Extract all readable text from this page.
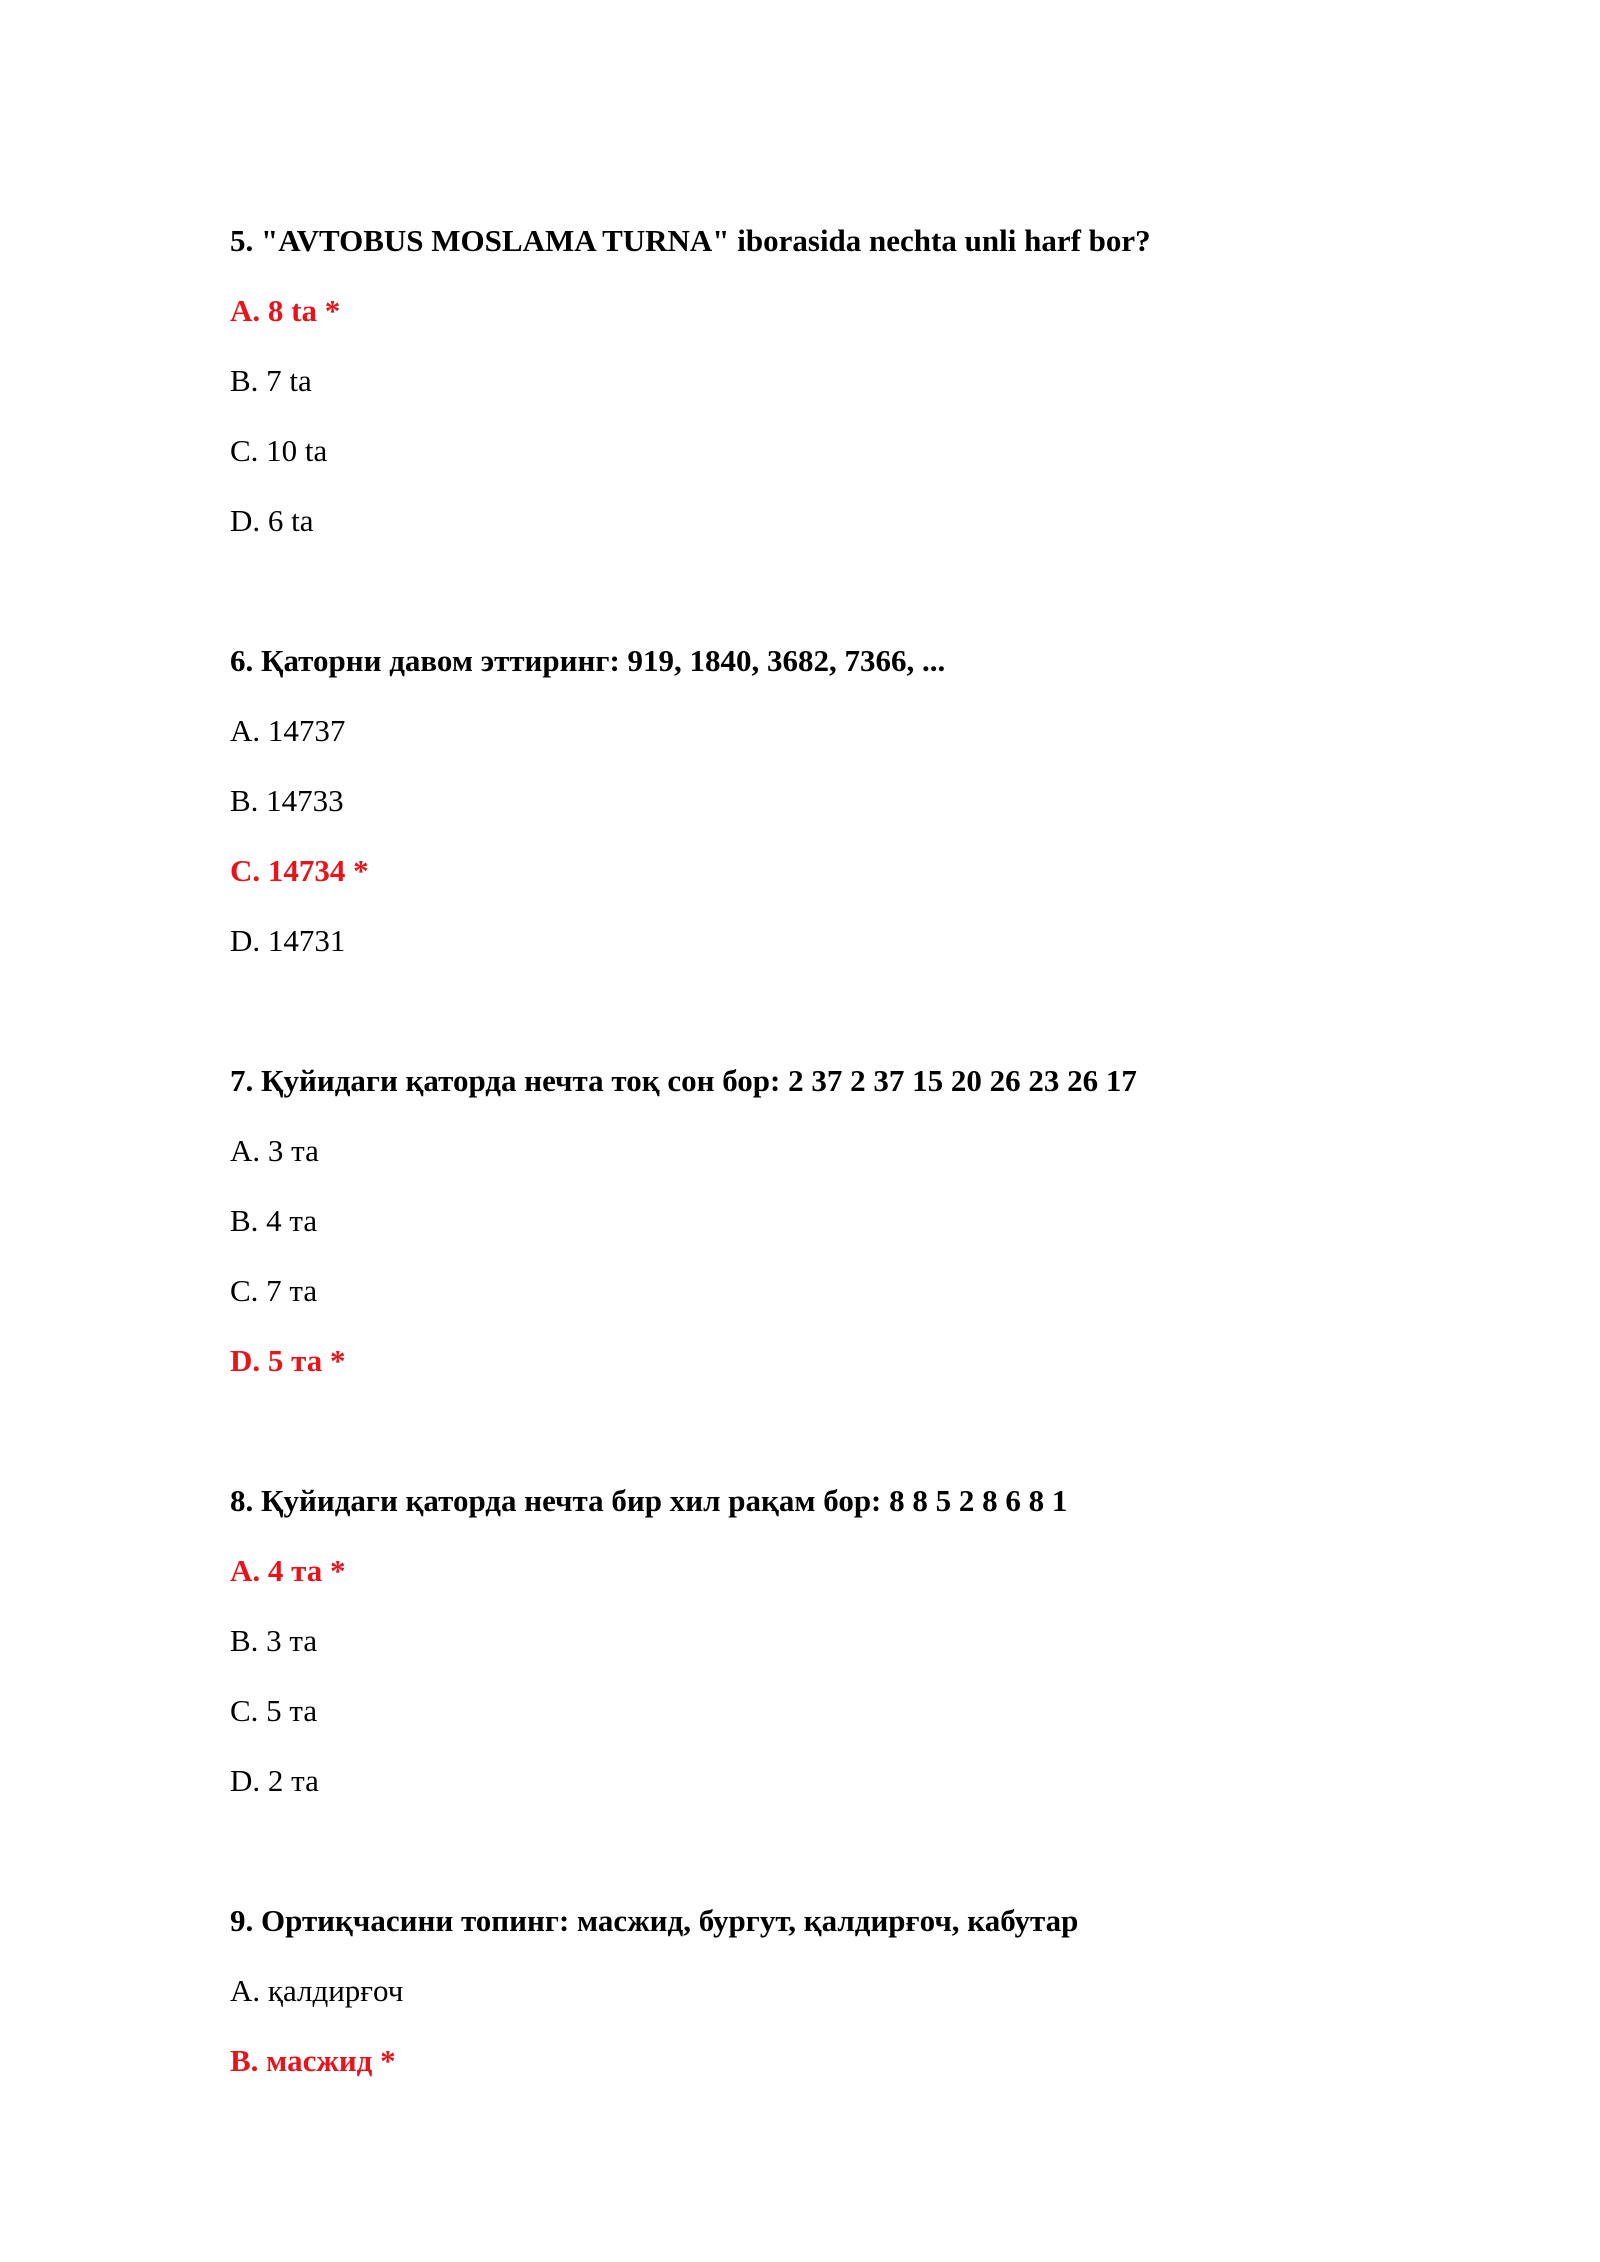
5. "AVTOBUS MOSLAMA TURNA" iborasida nechta unli harf bor?
A. 8 ta *
B. 7 ta
C. 10 ta
D. 6 ta
6. Қаторни давом эттиринг: 919, 1840, 3682, 7366, ...
A. 14737
B. 14733
C. 14734 *
D. 14731
7. Қуйидаги қаторда нечта тоқ сон бор: 2 37 2 37 15 20 26 23 26 17
A. 3 та
B. 4 та
C. 7 та
D. 5 та *
8. Қуйидаги қаторда нечта бир хил рақам бор: 8 8 5 2 8 6 8 1
A. 4 та *
B. 3 та
C. 5 та
D. 2 та
9. Ортиқчасини топинг: масжид, бургут, қалдирғоч, кабутар
A. қалдирғоч
B. масжид *
